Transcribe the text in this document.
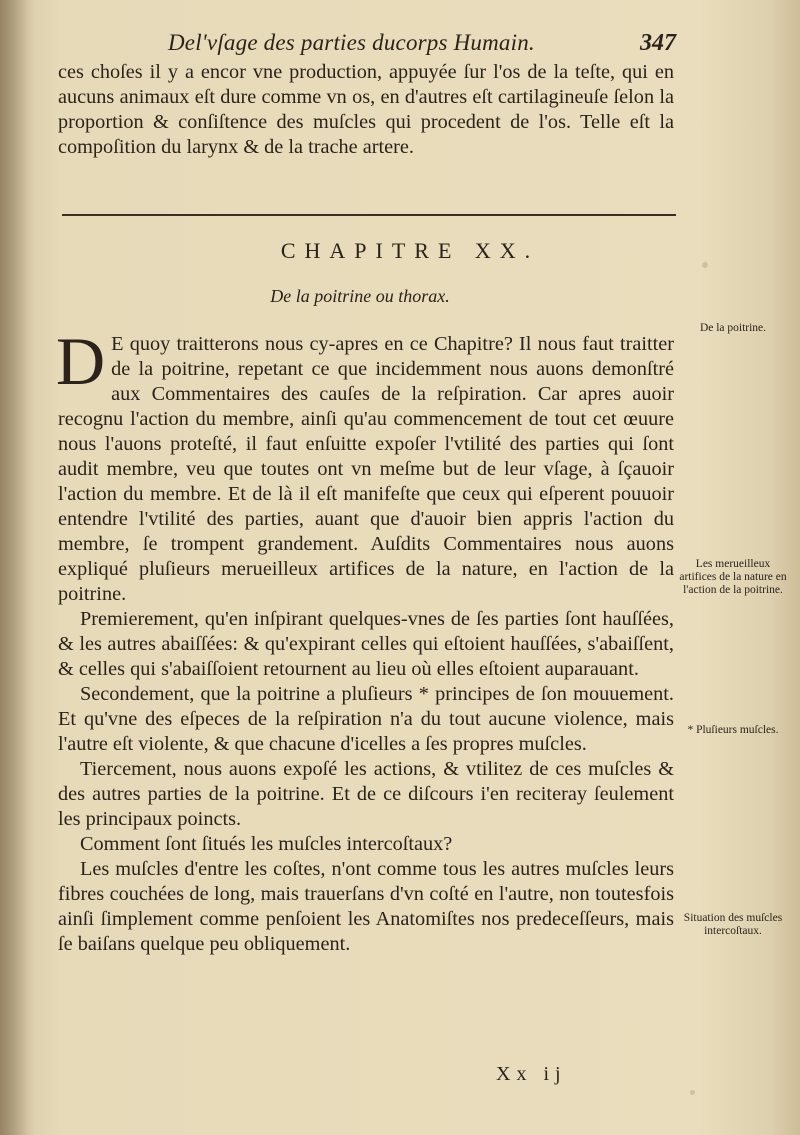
Del'vſage des parties ducorps Humain.	347

ces choſes il y a encor vne production, appuyée ſur l'os de la teſte, qui en aucuns animaux eſt dure comme vn os, en d'autres eſt cartilagineuſe ſelon la proportion & conſiſtence des muſcles qui procedent de l'os. Telle eſt la compoſition du larynx & de la trache artere.

CHAPITRE XX.
De la poitrine ou thorax.

D E quoy traitterons nous cy-apres en ce Chapitre? Il nous faut traitter de la poitrine, repetant ce que incidemment nous auons demonſtré aux Commentaires des cauſes de la reſpiration. Car apres auoir recognu l'action du membre, ainſi qu'au commencement de tout cet œuure nous l'auons proteſté, il faut enſuitte expoſer l'vtilité des parties qui ſont audit membre, veu que toutes ont vn meſme but de leur vſage, à ſçauoir l'action du membre. Et de là il eſt manifeſte que ceux qui eſperent pouuoir entendre l'vtilité des parties, auant que d'auoir bien appris l'action du membre, ſe trompent grandement. Auſdits Commentaires nous auons expliqué pluſieurs merueilleux artifices de la nature, en l'action de la poitrine.

Premierement, qu'en inſpirant quelques-vnes de ſes parties ſont hauſſées, & les autres abaiſſées: & qu'expirant celles qui eſtoient hauſſées, s'abaiſſent, & celles qui s'abaiſſoient retournent au lieu où elles eſtoient auparauant.

Secondement, que la poitrine a pluſieurs * principes de ſon mouuement. Et qu'vne des eſpeces de la reſpiration n'a du tout aucune violence, mais l'autre eſt violente, & que chacune d'icelles a ſes propres muſcles.

Tiercement, nous auons expoſé les actions, & vtilitez de ces muſcles & des autres parties de la poitrine. Et de ce diſcours i'en reciteray ſeulement les principaux poincts.

Comment ſont ſitués les muſcles intercoſtaux?

Les muſcles d'entre les coſtes, n'ont comme tous les autres muſcles leurs fibres couchées de long, mais trauerſans d'vn coſté en l'autre, non toutesfois ainſi ſimplement comme penſoient les Anatomiſtes nos predeceſſeurs, mais ſe baiſans quelque peu obliquement.

De la poitrine.
Les merueilleux artifices de la nature en l'action de la poitrine.
* Pluſieurs muſcles.
Situation des muſcles intercoſtaux.
Xx ij
